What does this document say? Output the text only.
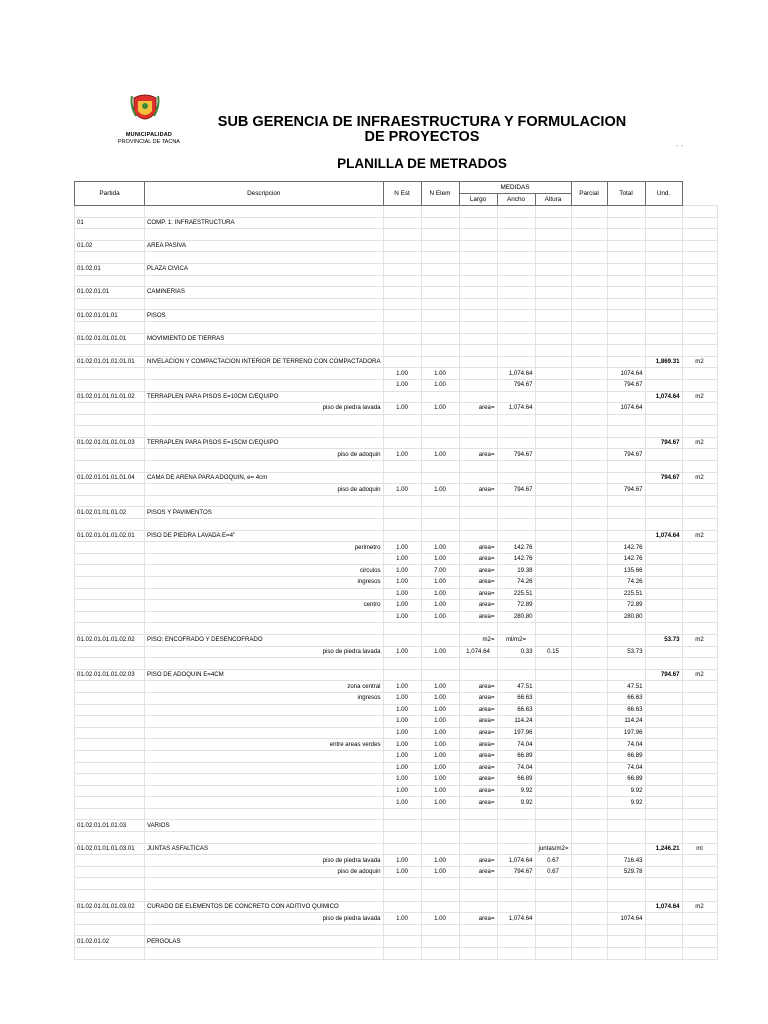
MUNICIPALIDAD
PROVINCIAL DE TACNA
SUB GERENCIA DE INFRAESTRUCTURA Y FORMULACION DE PROYECTOS
- -
PLANILLA DE METRADOS
Partida	Descripcion	N Est	N Elem	MEDIDAS			Parcial	Total	Und.	
				Largo	Ancho	Altura				

01	COMP. 1: INFRAESTRUCTURA									

01.02	AREA PASIVA									

01.02.01	PLAZA CIVICA									

01.02.01.01	CAMINERIAS									

01.02.01.01.01	PISOS									

01.02.01.01.01.01	MOVIMIENTO DE TIERRAS									

01.02.01.01.01.01.01	NIVELACION Y COMPACTACION INTERIOR DE TERRENO CON COMPACTADORA								1,869.31	m2
		1.00	1.00		1,074.64			1074.64		
		1.00	1.00		794.67			794.67		
01.02.01.01.01.01.02	TERRAPLEN PARA PISOS E=10CM C/EQUIPO								1,074.64	m2
	piso de piedra lavada	1.00	1.00	area=	1,074.64			1074.64		

01.02.01.01.01.01.03	TERRAPLEN PARA PISOS E=15CM C/EQUIPO								794.67	m2
	piso de adoquin	1.00	1.00	area=	794.67			794.67		

01.02.01.01.01.01.04	CAMA DE ARENA PARA ADOQUIN, e= 4cm								794.67	m2
	piso de adoquin	1.00	1.00	area=	794.67			794.67		

01.02.01.01.01.02	PISOS Y PAVIMENTOS									

01.02.01.01.01.02.01	PISO DE PIEDRA LAVADA E=4"								1,074.64	m2
	perimetro	1.00	1.00	area=	142.76			142.76		
		1.00	1.00	area=	142.76			142.76		
	circulos	1.00	7.00	area=	19.38			135.66		
	ingresos	1.00	1.00	area=	74.26			74.26		
		1.00	1.00	area=	225.51			225.51		
	centro	1.00	1.00	area=	72.89			72.89		
		1.00	1.00	area=	280.80			280.80		

01.02.01.01.01.02.02	PISO: ENCOFRADO Y DESENCOFRADO			m2=	ml/m2=				53.73	m2
	piso de piedra lavada	1.00	1.00	1,074.64	0.33	0.15		53.73		

01.02.01.01.01.02.03	PISO DE ADOQUIN E=4CM								794.67	m2
	zona central	1.00	1.00	area=	47.51			47.51		
	ingresos	1.00	1.00	area=	66.63			66.63		
		1.00	1.00	area=	66.63			66.63		
		1.00	1.00	area=	114.24			114.24		
		1.00	1.00	area=	197.96			197.96		
	entre areas verdes	1.00	1.00	area=	74.04			74.04		
		1.00	1.00	area=	66.89			66.89		
		1.00	1.00	area=	74.04			74.04		
		1.00	1.00	area=	66.89			66.89		
		1.00	1.00	area=	9.92			9.92		
		1.00	1.00	area=	9.92			9.92		

01.02.01.01.01.03	VARIOS									

01.02.01.01.01.03.01	JUNTAS ASFALTICAS					juntas/m2=			1,246.21	ml
	piso de piedra lavada	1.00	1.00	area=	1,074.64	0.67		716.43		
	piso de adoquin	1.00	1.00	area=	794.67	0.67		529.78		

01.02.01.01.01.03.02	CURADO DE ELEMENTOS DE CONCRETO CON ADITIVO QUIMICO								1,074.64	m2
	piso de piedra lavada	1.00	1.00	area=	1,074.64			1074.64		

01.02.01.02	PERGOLAS									
